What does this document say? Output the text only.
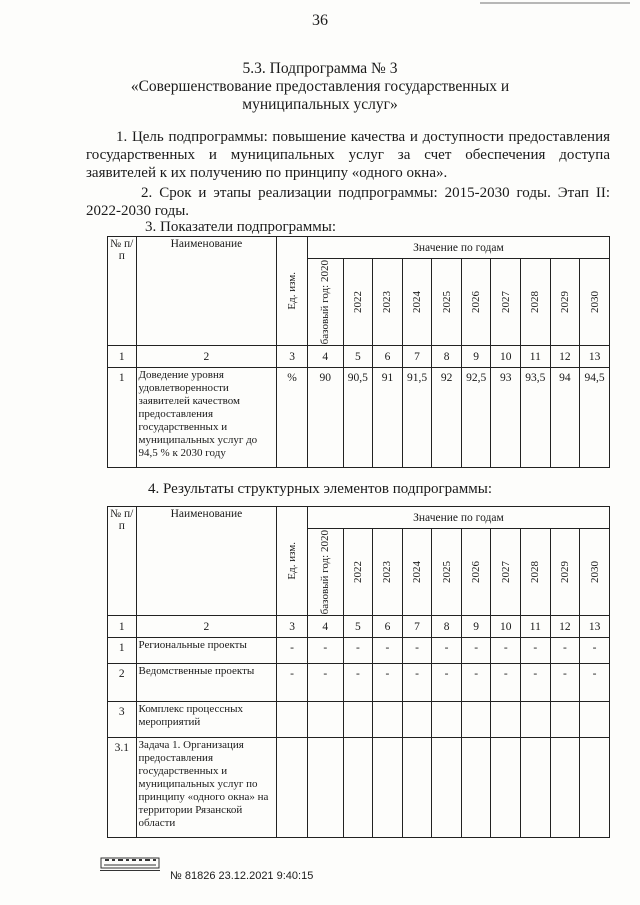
36
5.3. Подпрограмма № 3
«Совершенствование предоставления государственных и
муниципальных услуг»
1. Цель подпрограммы: повышение качества и доступности предоставления государственных и муниципальных услуг за счет обеспечения доступа заявителей к их получению по принципу «одного окна».
2. Срок и этапы реализации подпрограммы: 2015-2030 годы. Этап II: 2022-2030 годы.
3. Показатели подпрограммы:
№ п/п	Наименование	Ед. изм.	Значение по годам									

			базовый год: 2020	2022	2023	2024	2025	2026	2027	2028	2029	2030

1	2	3	4	5	6	7	8	9	10	11	12	13
1	Доведение уровня удовлетворенности заявителей качеством предоставления государственных и муниципальных услуг до 94,5 % к 2030 году	%	90	90,5	91	91,5	92	92,5	93	93,5	94	94,5
4. Результаты структурных элементов подпрограммы:
№ п/п	Наименование	Ед. изм.	Значение по годам									

			базовый год: 2020	2022	2023	2024	2025	2026	2027	2028	2029	2030

1	2	3	4	5	6	7	8	9	10	11	12	13
1	Региональные проекты	-	-	-	-	-	-	-	-	-	-	-
2	Ведомственные проекты	-	-	-	-	-	-	-	-	-	-	-
3	Комплекс процессных мероприятий											
3.1	Задача 1. Организация предоставления государственных и муниципальных услуг по принципу «одного окна» на территории Рязанской области											
№ 81826 23.12.2021 9:40:15
